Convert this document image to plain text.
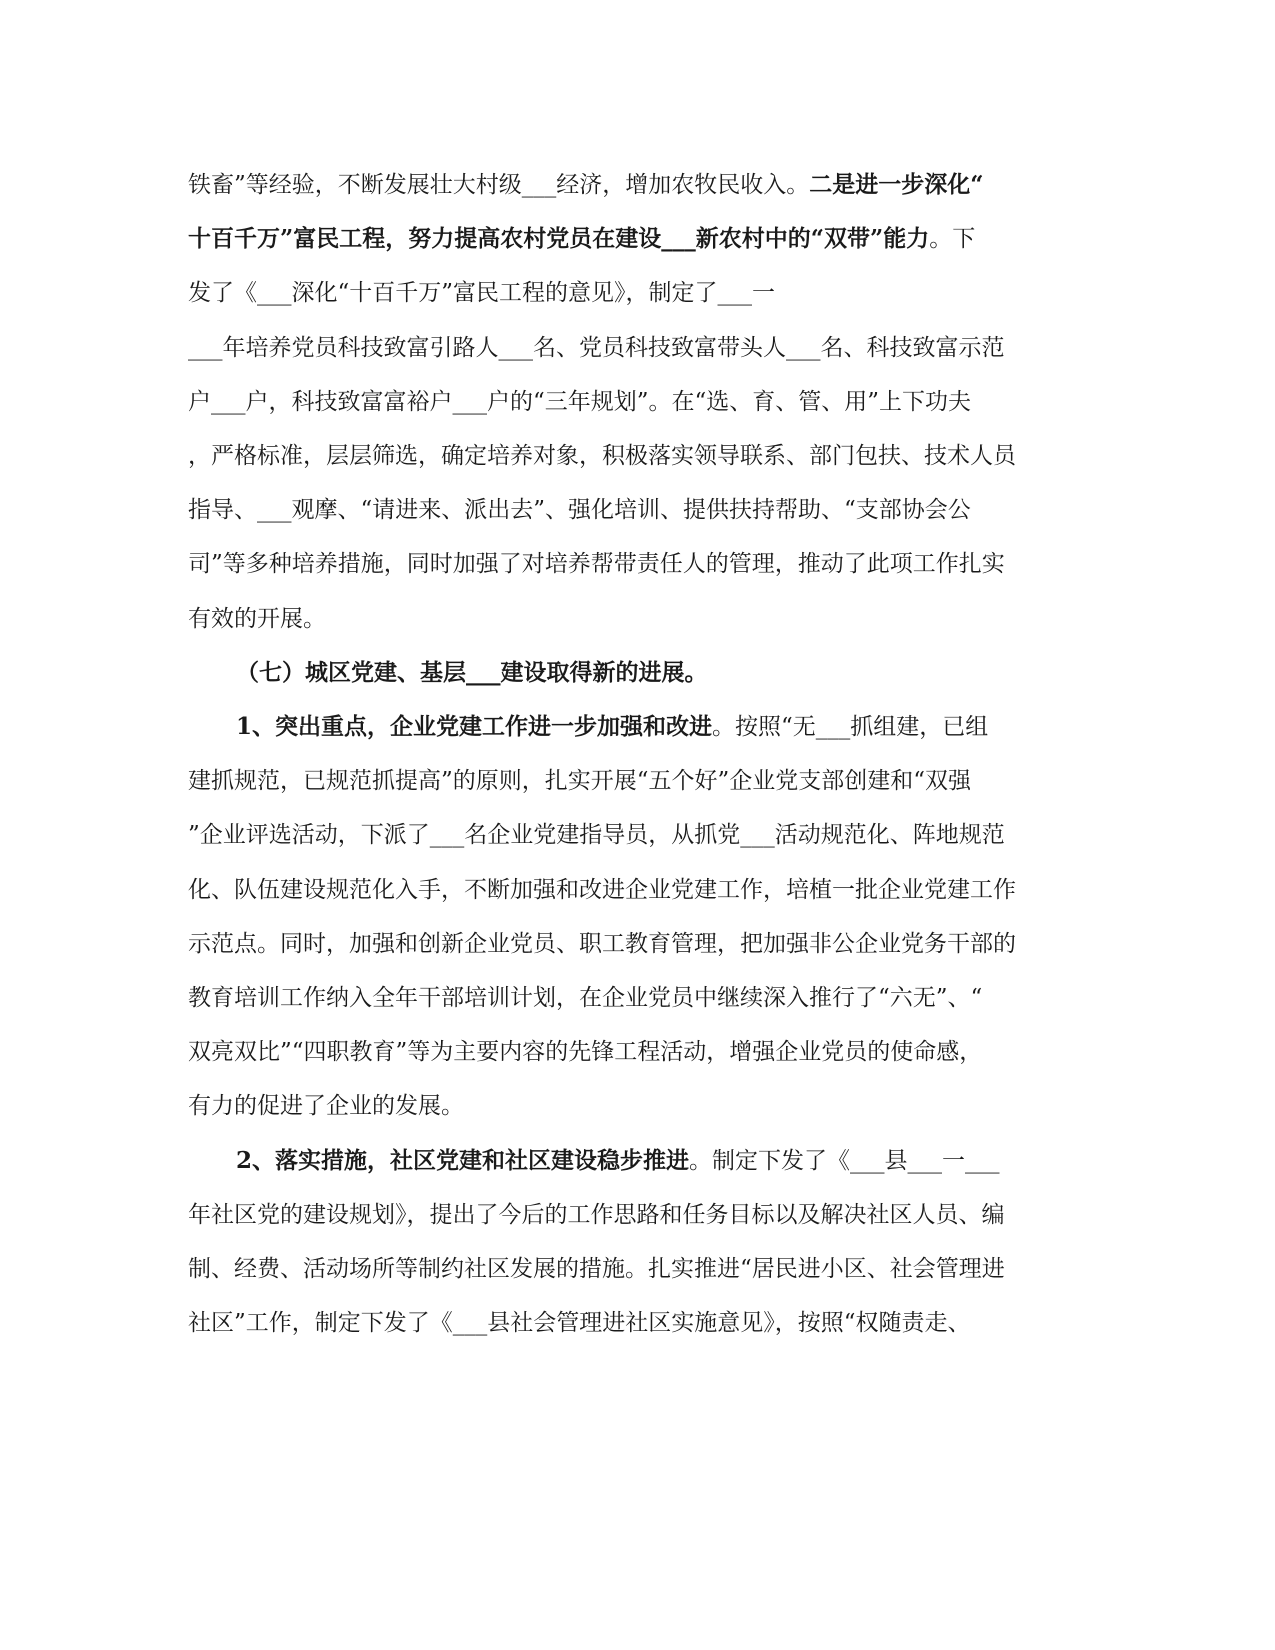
铁畜”等经验，不断发展壮大村级___经济，增加农牧民收入。二是进一步深化“
十百千万”富民工程，努力提高农村党员在建设___新农村中的“双带”能力。下
发了《___深化“十百千万”富民工程的意见》，制定了___一
___年培养党员科技致富引路人___名、党员科技致富带头人___名、科技致富示范
户___户，科技致富富裕户___户的“三年规划”。在“选、育、管、用”上下功夫
，严格标准，层层筛选，确定培养对象，积极落实领导联系、部门包扶、技术人员
指导、___观摩、“请进来、派出去”、强化培训、提供扶持帮助、“支部协会公
司”等多种培养措施，同时加强了对培养帮带责任人的管理，推动了此项工作扎实
有效的开展。
（七）城区党建、基层___建设取得新的进展。
1、突出重点，企业党建工作进一步加强和改进。按照“无___抓组建，已组
建抓规范，已规范抓提高”的原则，扎实开展“五个好”企业党支部创建和“双强
”企业评选活动，下派了___名企业党建指导员，从抓党___活动规范化、阵地规范
化、队伍建设规范化入手，不断加强和改进企业党建工作，培植一批企业党建工作
示范点。同时，加强和创新企业党员、职工教育管理，把加强非公企业党务干部的
教育培训工作纳入全年干部培训计划，在企业党员中继续深入推行了“六无”、“
双亮双比”“四职教育”等为主要内容的先锋工程活动，增强企业党员的使命感，
有力的促进了企业的发展。
2、落实措施，社区党建和社区建设稳步推进。制定下发了《___县___一___
年社区党的建设规划》，提出了今后的工作思路和任务目标以及解决社区人员、编
制、经费、活动场所等制约社区发展的措施。扎实推进“居民进小区、社会管理进
社区”工作，制定下发了《___县社会管理进社区实施意见》，按照“权随责走、
